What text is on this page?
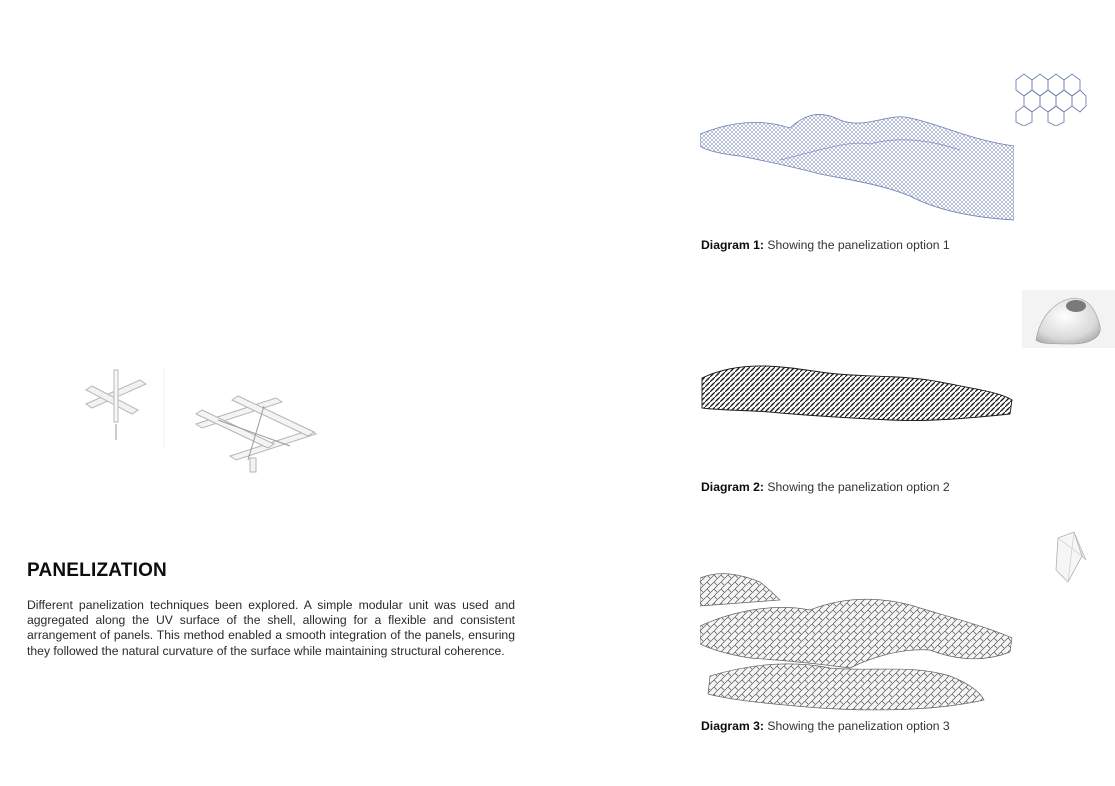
PANELIZATION

Different panelization techniques been explored. A simple modular unit was used and aggregated along the UV surface of the shell, allowing for a flexible and consistent arrangement of panels. This method enabled a smooth integration of the panels, ensuring they followed the natural curvature of the surface while maintaining structural coherence.

Diagram 1: Showing the panelization option 1
Diagram 2: Showing the panelization option 2
Diagram 3: Showing the panelization option 3
